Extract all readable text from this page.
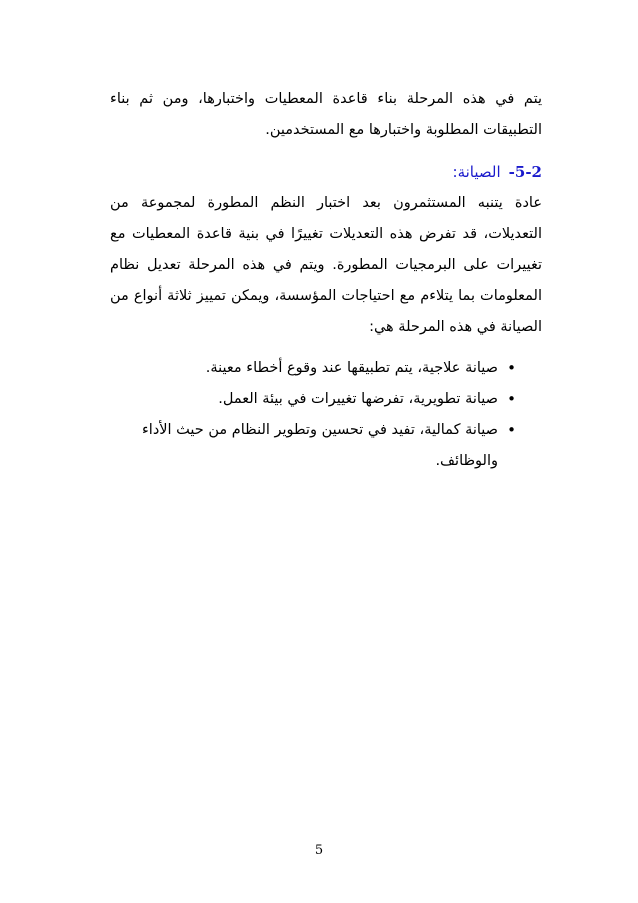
يتم في هذه المرحلة بناء قاعدة المعطيات واختبارها، ومن ثم بناء التطبيقات المطلوبة واختبارها مع المستخدمين.

5-2-الصيانة:

عادة يتنبه المستثمرون بعد اختبار النظم المطورة لمجموعة من التعديلات، قد تفرض هذه التعديلات تغييرًا في بنية قاعدة المعطيات مع تغييرات على البرمجيات المطورة. ويتم في هذه المرحلة تعديل نظام المعلومات بما يتلاءم مع احتياجات المؤسسة، ويمكن تمييز ثلاثة أنواع من الصيانة في هذه المرحلة هي:

•
صيانة علاجية، يتم تطبيقها عند وقوع أخطاء معينة.
•
صيانة تطويرية، تفرضها تغييرات في بيئة العمل.
•
صيانة كمالية، تفيد في تحسين وتطوير النظام من حيث الأداء والوظائف.
5
